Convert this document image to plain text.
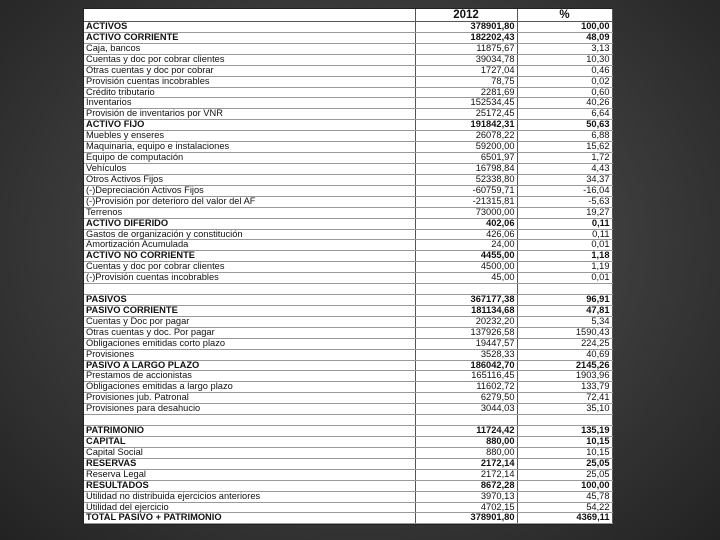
	2012	%
ACTIVOS	378901,80	100,00
ACTIVO CORRIENTE	182202,43	48,09
Caja, bancos	11875,67	3,13
Cuentas y doc por cobrar clientes	39034,78	10,30
Otras cuentas y doc por cobrar	1727,04	0,46
Provisión cuentas incobrables	78,75	0,02
Crédito tributario	2281,69	0,60
Inventarios	152534,45	40,26
Provisión de inventarios por VNR	25172,45	6,64
ACTIVO FIJO	191842,31	50,63
Muebles y enseres	26078,22	6,88
Maquinaria, equipo e instalaciones	59200,00	15,62
Equipo de computación	6501,97	1,72
Vehículos	16798,84	4,43
Otros Activos Fijos	52338,80	34,37
(-)Depreciación Activos Fijos	-60759,71	-16,04
(-)Provisión por deterioro del valor del AF	-21315,81	-5,63
Terrenos	73000,00	19,27
ACTIVO DIFERIDO	402,06	0,11
Gastos de organización y constitución	426,06	0,11
Amortización Acumulada	24,00	0,01
ACTIVO NO CORRIENTE	4455,00	1,18
Cuentas y doc por cobrar clientes	4500,00	1,19
(-)Provisión cuentas incobrables	45,00	0,01

PASIVOS	367177,38	96,91
PASIVO CORRIENTE	181134,68	47,81
Cuentas y Doc por pagar	20232,20	5,34
Otras cuentas y doc. Por pagar	137926,58	1590,43
Obligaciones emitidas corto plazo	19447,57	224,25
Provisiones	3528,33	40,69
PASIVO A LARGO PLAZO	186042,70	2145,26
Prestamos de accionistas	165116,45	1903,96
Obligaciones emitidas a largo plazo	11602,72	133,79
Provisiones jub. Patronal	6279,50	72,41
Provisiones para desahucio	3044,03	35,10

PATRIMONIO	11724,42	135,19
CAPITAL	880,00	10,15
Capital Social	880,00	10,15
RESERVAS	2172,14	25,05
Reserva Legal	2172,14	25,05
RESULTADOS	8672,28	100,00
Utilidad no distribuida ejercicios anteriores	3970,13	45,78
Utilidad del ejercicio	4702,15	54,22
TOTAL PASIVO + PATRIMONIO	378901,80	4369,11
